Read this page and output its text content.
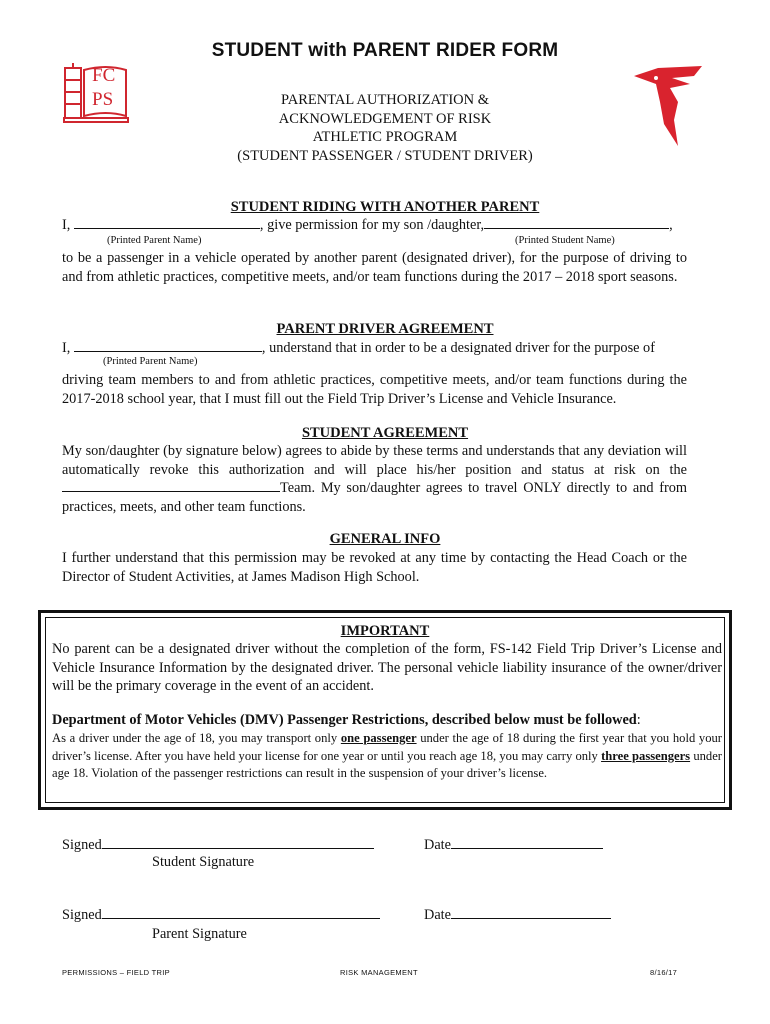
STUDENT with PARENT RIDER FORM
FC
PS	PARENTAL AUTHORIZATION &
ACKNOWLEDGEMENT OF RISK
ATHLETIC PROGRAM
(STUDENT PASSENGER / STUDENT DRIVER)
STUDENT RIDING WITH ANOTHER PARENT
I,	, give permission for my son /daughter,	,
(Printed Parent Name)	(Printed Student Name)
to be a passenger in a vehicle operated by another parent (designated driver), for the purpose of driving to and from athletic practices, competitive meets, and/or team functions during the 2017 – 2018 sport seasons.
PARENT DRIVER AGREEMENT
I,	, understand that in order to be a designated driver for the purpose of
(Printed Parent Name)
driving team members to and from athletic practices, competitive meets, and/or team functions during the 2017-2018 school year, that I must fill out the Field Trip Driver’s License and Vehicle Insurance.
STUDENT AGREEMENT
My son/daughter (by signature below) agrees to abide by these terms and understands that any deviation will automatically revoke this authorization and will place his/her position and status at risk on the Team. My son/daughter agrees to travel ONLY directly to and from practices, meets, and other team functions.
GENERAL INFO
I further understand that this permission may be revoked at any time by contacting the Head Coach or the Director of Student Activities, at James Madison High School.
IMPORTANT
No parent can be a designated driver without the completion of the form, FS-142 Field Trip Driver’s License and Vehicle Insurance Information by the designated driver. The personal vehicle liability insurance of the owner/driver will be the primary coverage in the event of an accident.
Department of Motor Vehicles (DMV) Passenger Restrictions, described below must be followed:
As a driver under the age of 18, you may transport only one passenger under the age of 18 during the first year that you hold your driver’s license. After you have held your license for one year or until you reach age 18, you may carry only three passengers under age 18. Violation of the passenger restrictions can result in the suspension of your driver’s license.
Signed	Date
Student Signature
Signed	Date
Parent Signature
PERMISSIONS – FIELD TRIP	RISK MANAGEMENT	8/16/17
